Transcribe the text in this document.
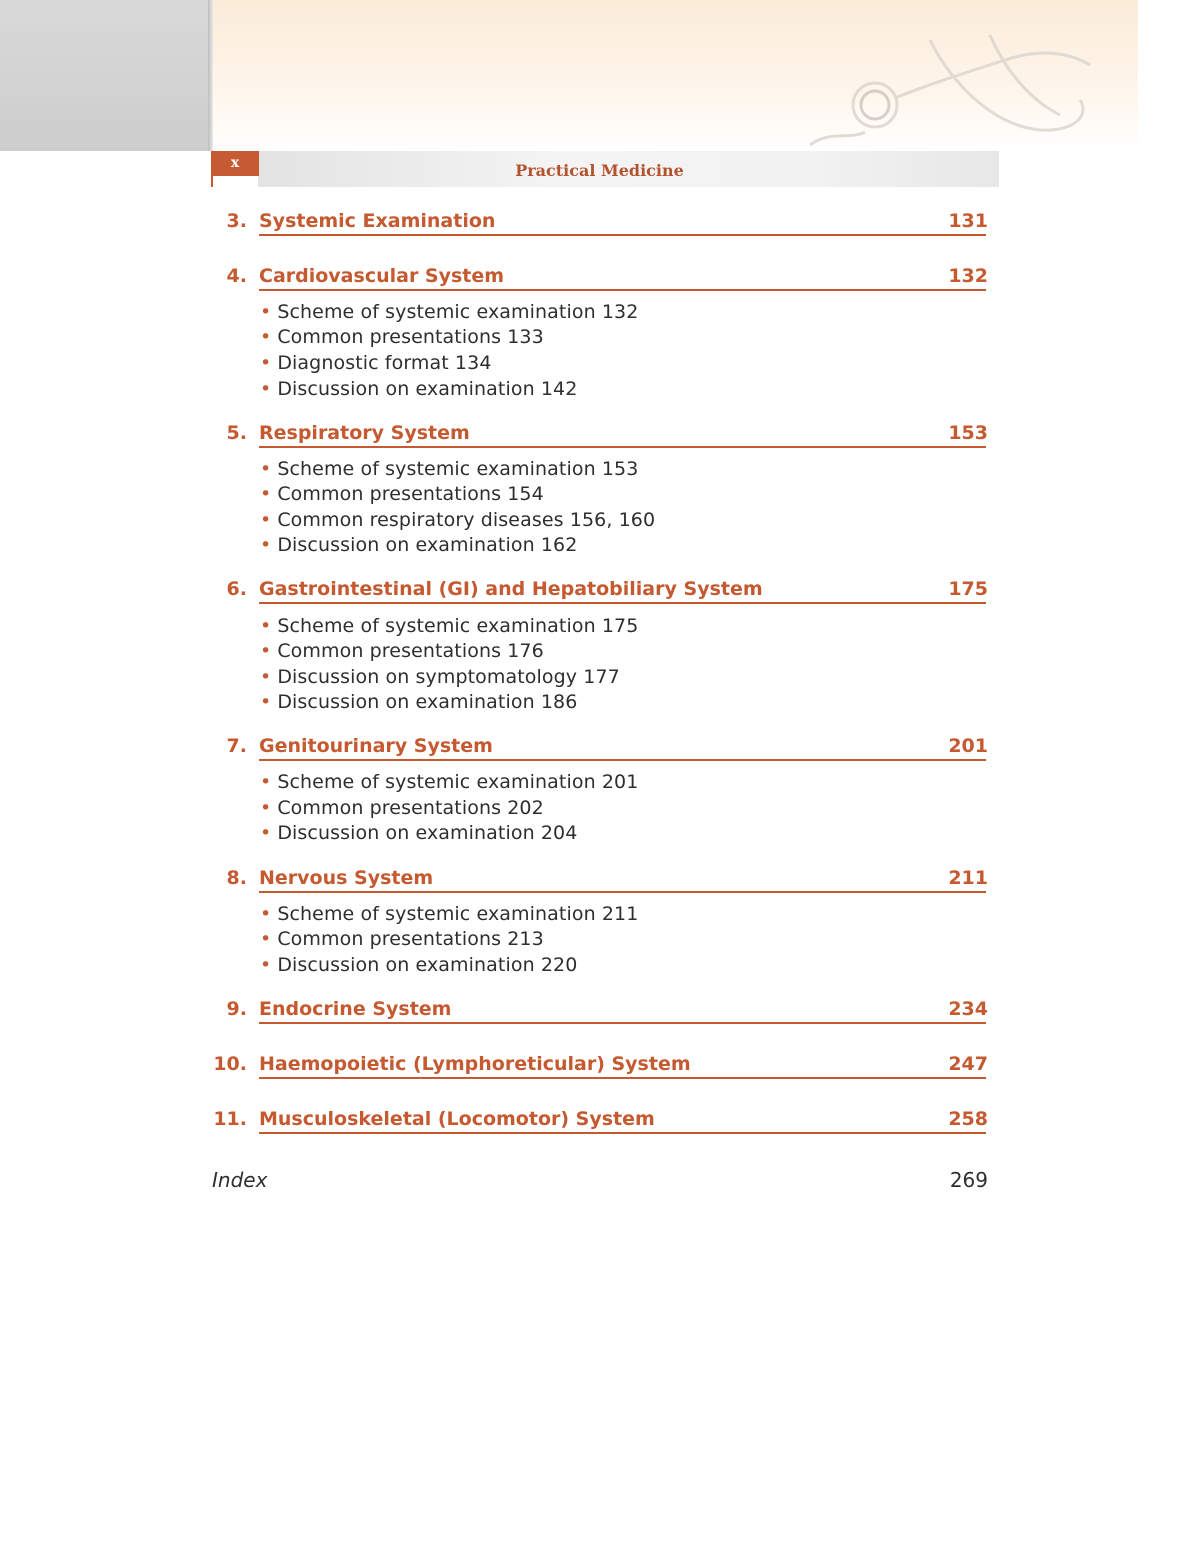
x	Practical Medicine
3. Systemic Examination	131
4. Cardiovascular System	132
• Scheme of systemic examination 132
• Common presentations 133
• Diagnostic format 134
• Discussion on examination 142
5. Respiratory System	153
• Scheme of systemic examination 153
• Common presentations 154
• Common respiratory diseases 156, 160
• Discussion on examination 162
6. Gastrointestinal (GI) and Hepatobiliary System	175
• Scheme of systemic examination 175
• Common presentations 176
• Discussion on symptomatology 177
• Discussion on examination 186
7. Genitourinary System	201
• Scheme of systemic examination 201
• Common presentations 202
• Discussion on examination 204
8. Nervous System	211
• Scheme of systemic examination 211
• Common presentations 213
• Discussion on examination 220
9. Endocrine System	234
10. Haemopoietic (Lymphoreticular) System	247
11. Musculoskeletal (Locomotor) System	258
Index	269
